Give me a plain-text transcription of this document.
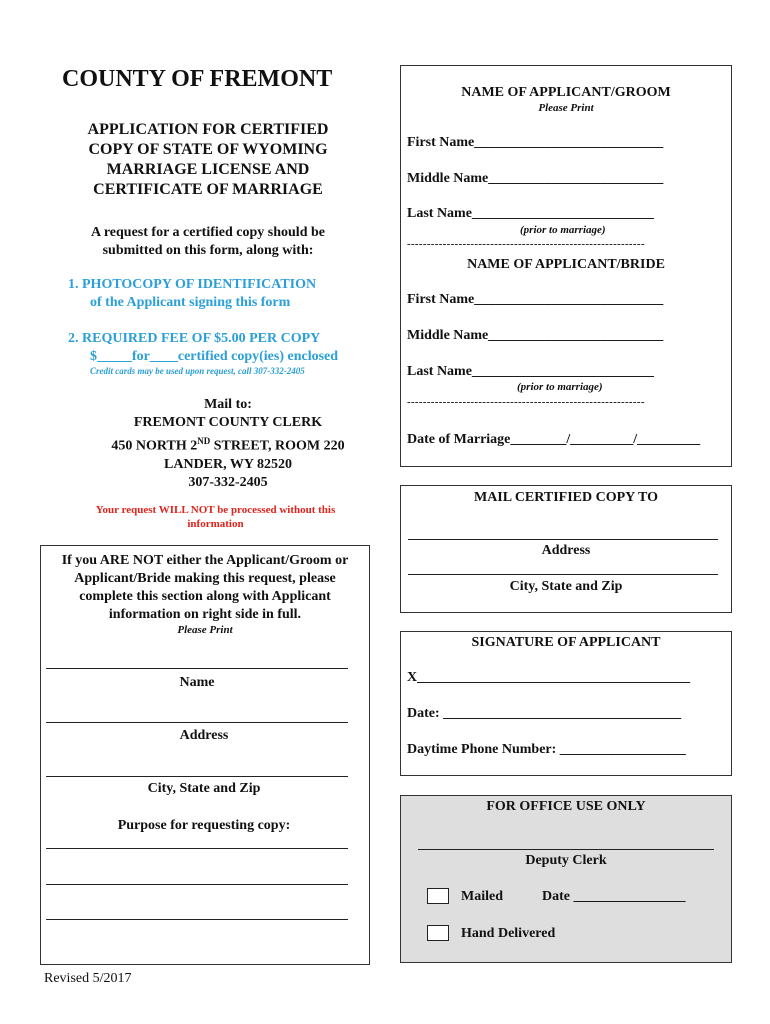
COUNTY OF FREMONT
APPLICATION FOR CERTIFIED
COPY OF STATE OF WYOMING
MARRIAGE LICENSE AND
CERTIFICATE OF MARRIAGE
A request for a certified copy should be
submitted on this form, along with:
1. PHOTOCOPY OF IDENTIFICATION
of the Applicant signing this form
2. REQUIRED FEE OF $5.00 PER COPY
$_____for____certified copy(ies) enclosed
Credit cards may be used upon request, call 307-332-2405
Mail to:
FREMONT COUNTY CLERK
450 NORTH 2ND STREET, ROOM 220
LANDER, WY 82520
307-332-2405
Your request WILL NOT be processed without this
information
If you ARE NOT either the Applicant/Groom or
Applicant/Bride making this request, please
complete this section along with Applicant
information on right side in full.
Please Print
Name
Address
City, State and Zip
Purpose for requesting copy:
Revised 5/2017
NAME OF APPLICANT/GROOM
Please Print
First Name___________________________
Middle Name_________________________
Last Name__________________________
(prior to marriage)
------------------------------------------------------------
NAME OF APPLICANT/BRIDE
First Name___________________________
Middle Name_________________________
Last Name__________________________
(prior to marriage)
------------------------------------------------------------
Date of Marriage________/_________/_________
MAIL CERTIFIED COPY TO
Address
City, State and Zip
SIGNATURE OF APPLICANT
X_______________________________________
Date: __________________________________
Daytime Phone Number: __________________
FOR OFFICE USE ONLY
Deputy Clerk
Mailed	Date ________________
Hand Delivered
